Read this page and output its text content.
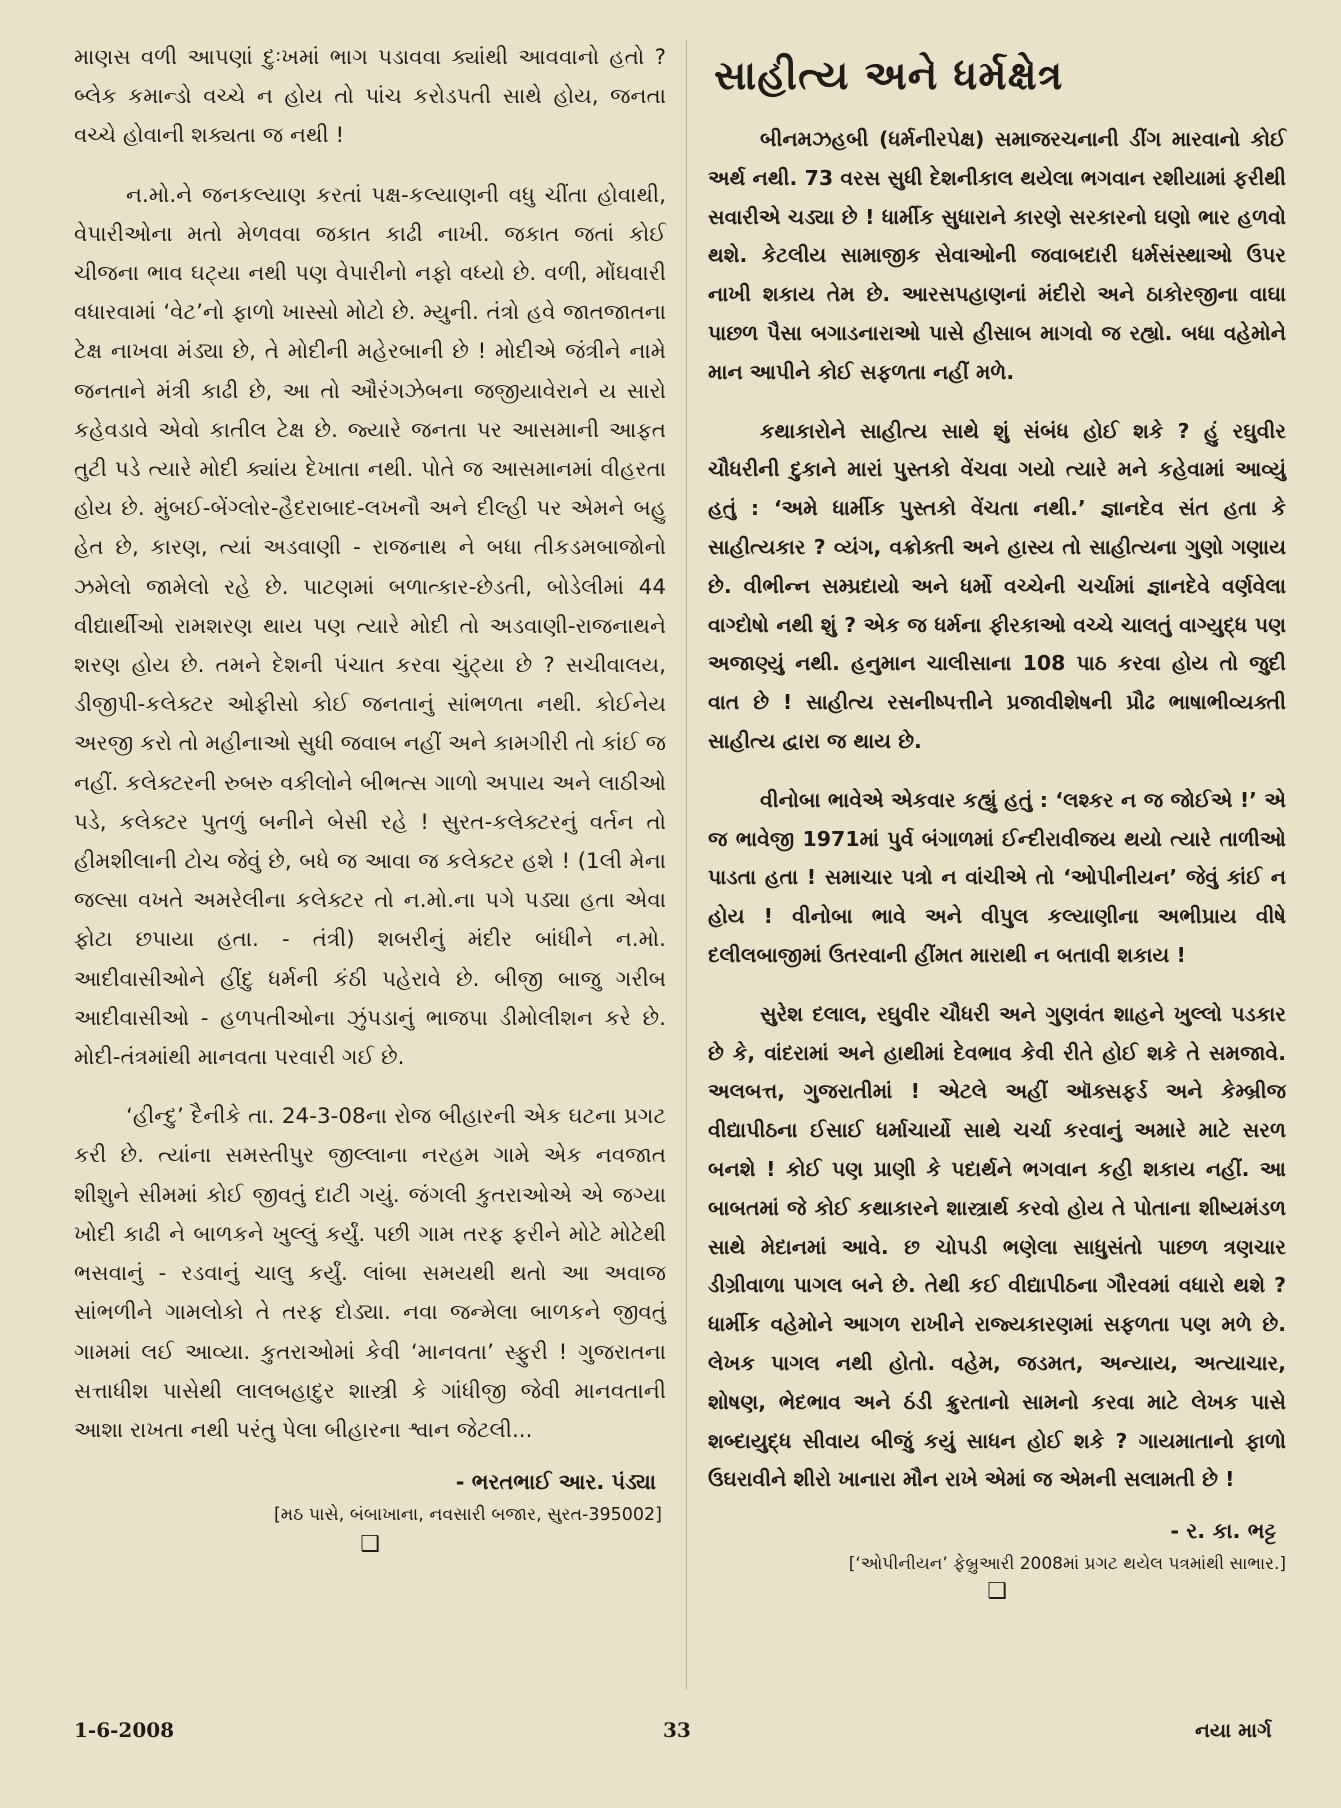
માણસ વળી આપણાં દુઃખમાં ભાગ પડાવવા ક્યાંથી આવવાનો હતો ? બ્લેક કમાન્ડો વચ્ચે ન હોય તો પાંચ કરોડપતી સાથે હોય, જનતા વચ્ચે હોવાની શક્યતા જ નથી !

ન.મો.ને જનકલ્યાણ કરતાં પક્ષ-કલ્યાણની વધુ ચીંતા હોવાથી, વેપારીઓના મતો મેળવવા જકાત કાઢી નાખી. જકાત જતાં કોઈ ચીજના ભાવ ઘટ્યા નથી પણ વેપારીનો નફો વધ્યો છે. વળી, મોંઘવારી વધારવામાં ‘વેટ’નો ફાળો ખાસ્સો મોટો છે. મ્યુની. તંત્રો હવે જાતજાતના ટેક્ષ નાખવા મંડ્યા છે, તે મોદીની મહેરબાની છે ! મોદીએ જંત્રીને નામે જનતાને મંત્રી કાઢી છે, આ તો ઔરંગઝેબના જજીયાવેરાને ય સારો કહેવડાવે એવો કાતીલ ટેક્ષ છે. જ્યારે જનતા પર આસમાની આફત તુટી પડે ત્યારે મોદી ક્યાંય દેખાતા નથી. પોતે જ આસમાનમાં વીહરતા હોય છે. મુંબઈ-બેંગ્લોર-હૈદરાબાદ-લખનૌ અને દીલ્હી પર એમને બહુ હેત છે, કારણ, ત્યાં અડવાણી - રાજનાથ ને બધા તીકડમબાજોનો ઝમેલો જામેલો રહે છે. પાટણમાં બળાત્કાર-છેડતી, બોડેલીમાં 44 વીદ્યાર્થીઓ રામશરણ થાય પણ ત્યારે મોદી તો અડવાણી-રાજનાથને શરણ હોય છે. તમને દેશની પંચાત કરવા ચુંટ્યા છે ? સચીવાલય, ડીજીપી-કલેક્ટર ઓફીસો કોઈ જનતાનું સાંભળતા નથી. કોઈનેય અરજી કરો તો મહીનાઓ સુધી જવાબ નહીં અને કામગીરી તો કાંઈ જ નહીં. કલેક્ટરની રુબરુ વકીલોને બીભત્સ ગાળો અપાય અને લાઠીઓ પડે, કલેક્ટર પુતળું બનીને બેસી રહે ! સુરત-કલેક્ટરનું વર્તન તો હીમશીલાની ટોચ જેવું છે, બધે જ આવા જ કલેક્ટર હશે ! (1લી મેના જલ્સા વખતે અમરેલીના કલેક્ટર તો ન.મો.ના પગે પડ્યા હતા એવા ફોટા છપાયા હતા. - તંત્રી) શબરીનું મંદીર બાંધીને ન.મો. આદીવાસીઓને હીંદુ ધર્મની કંઠી પહેરાવે છે. બીજી બાજુ ગરીબ આદીવાસીઓ - હળપતીઓના ઝુંપડાનું ભાજપા ડીમોલીશન કરે છે. મોદી-તંત્રમાંથી માનવતા પરવારી ગઈ છે.

‘હીન્દુ’ દૈનીકે તા. 24-3-08ના રોજ બીહારની એક ઘટના પ્રગટ કરી છે. ત્યાંના સમસ્તીપુર જીલ્લાના નરહમ ગામે એક નવજાત શીશુને સીમમાં કોઈ જીવતું દાટી ગયું. જંગલી કુતરાઓએ એ જગ્યા ખોદી કાઢી ને બાળકને ખુલ્લું કર્યું. પછી ગામ તરફ ફરીને મોટે મોટેથી ભસવાનું - રડવાનું ચાલુ કર્યું. લાંબા સમયથી થતો આ અવાજ સાંભળીને ગામલોકો તે તરફ દોડ્યા. નવા જન્મેલા બાળકને જીવતું ગામમાં લઈ આવ્યા. કુતરાઓમાં કેવી ‘માનવતા’ સ્ફુરી ! ગુજરાતના સત્તાધીશ પાસેથી લાલબહાદુર શાસ્ત્રી કે ગાંધીજી જેવી માનવતાની આશા રાખતા નથી પરંતુ પેલા બીહારના શ્વાન જેટલી...

- ભરતભાઈ આર. પંડ્યા
[મઠ પાસે, બંબાખાના, નવસારી બજાર, સુરત-395002]
❑
સાહીત્ય અને ધર્મક્ષેત્ર

બીનમઝહબી (ધર્મનીરપેક્ષ) સમાજરચનાની ડીંગ મારવાનો કોઈ અર્થ નથી. 73 વરસ સુધી દેશનીકાલ થયેલા ભગવાન રશીયામાં ફરીથી સવારીએ ચડ્યા છે ! ધાર્મીક સુધારાને કારણે સરકારનો ઘણો ભાર હળવો થશે. કેટલીય સામાજીક સેવાઓની જવાબદારી ધર્મસંસ્થાઓ ઉપર નાખી શકાય તેમ છે. આરસપહાણનાં મંદીરો અને ઠાકોરજીના વાઘા પાછળ પૈસા બગાડનારાઓ પાસે હીસાબ માગવો જ રહ્યો. બધા વહેમોને માન આપીને કોઈ સફળતા નહીં મળે.

કથાકારોને સાહીત્ય સાથે શું સંબંધ હોઈ શકે ? હું રઘુવીર ચૌધરીની દુકાને મારાં પુસ્તકો વેંચવા ગયો ત્યારે મને કહેવામાં આવ્યું હતું : ‘અમે ધાર્મીક પુસ્તકો વેંચતા નથી.’ જ્ઞાનદેવ સંત હતા કે સાહીત્યકાર ? વ્યંગ, વક્રોક્તી અને હાસ્ય તો સાહીત્યના ગુણો ગણાય છે. વીભીન્ન સમ્પ્રદાયો અને ધર્મો વચ્ચેની ચર્ચામાં જ્ઞાનદેવે વર્ણવેલા વાગ્દોષો નથી શું ? એક જ ધર્મના ફીરકાઓ વચ્ચે ચાલતું વાગ્યુદ્ધ પણ અજાણ્યું નથી. હનુમાન ચાલીસાના 108 પાઠ કરવા હોય તો જુદી વાત છે ! સાહીત્ય રસનીષ્પત્તીને પ્રજાવીશેષની પ્રૌઢ ભાષાભીવ્યક્તી સાહીત્ય દ્વારા જ થાય છે.

વીનોબા ભાવેએ એકવાર કહ્યું હતું : ‘લશ્કર ન જ જોઈએ !’ એ જ ભાવેજી 1971માં પુર્વ બંગાળમાં ઈન્દીરાવીજય થયો ત્યારે તાળીઓ પાડતા હતા ! સમાચાર પત્રો ન વાંચીએ તો ‘ઓપીનીયન’ જેવું કાંઈ ન હોય ! વીનોબા ભાવે અને વીપુલ કલ્યાણીના અભીપ્રાય વીષે દલીલબાજીમાં ઉતરવાની હીંમત મારાથી ન બતાવી શકાય !

સુરેશ દલાલ, રઘુવીર ચૌધરી અને ગુણવંત શાહને ખુલ્લો પડકાર છે કે, વાંદરામાં અને હાથીમાં દેવભાવ કેવી રીતે હોઈ શકે તે સમજાવે. અલબત્ત, ગુજરાતીમાં ! એટલે અહીં ઑક્સફર્ડ અને કેમ્બ્રીજ વીદ્યાપીઠના ઈસાઈ ધર્માચાર્યો સાથે ચર્ચા કરવાનું અમારે માટે સરળ બનશે ! કોઈ પણ પ્રાણી કે પદાર્થને ભગવાન કહી શકાય નહીં. આ બાબતમાં જે કોઈ કથાકારને શાસ્ત્રાર્થ કરવો હોય તે પોતાના શીષ્યમંડળ સાથે મેદાનમાં આવે. છ ચોપડી ભણેલા સાધુસંતો પાછળ ત્રણચાર ડીગ્રીવાળા પાગલ બને છે. તેથી કઈ વીદ્યાપીઠના ગૌરવમાં વધારો થશે ? ધાર્મીક વહેમોને આગળ રાખીને રાજ્યકારણમાં સફળતા પણ મળે છે. લેખક પાગલ નથી હોતો. વહેમ, જડમત, અન્યાય, અત્યાચાર, શોષણ, ભેદભાવ અને ઠંડી ક્રુરતાનો સામનો કરવા માટે લેખક પાસે શબ્દાયુદ્ધ સીવાય બીજું કયું સાધન હોઈ શકે ? ગાયમાતાનો ફાળો ઉઘરાવીને શીરો ખાનારા મૌન રાખે એમાં જ એમની સલામતી છે !

- ર. કા. ભટ્ટ
[‘ઓપીનીયન’ ફેબ્રુઆરી 2008માં પ્રગટ થયેલ પત્રમાંથી સાભાર.]
❑
1-6-2008	33	નયા માર્ગ
